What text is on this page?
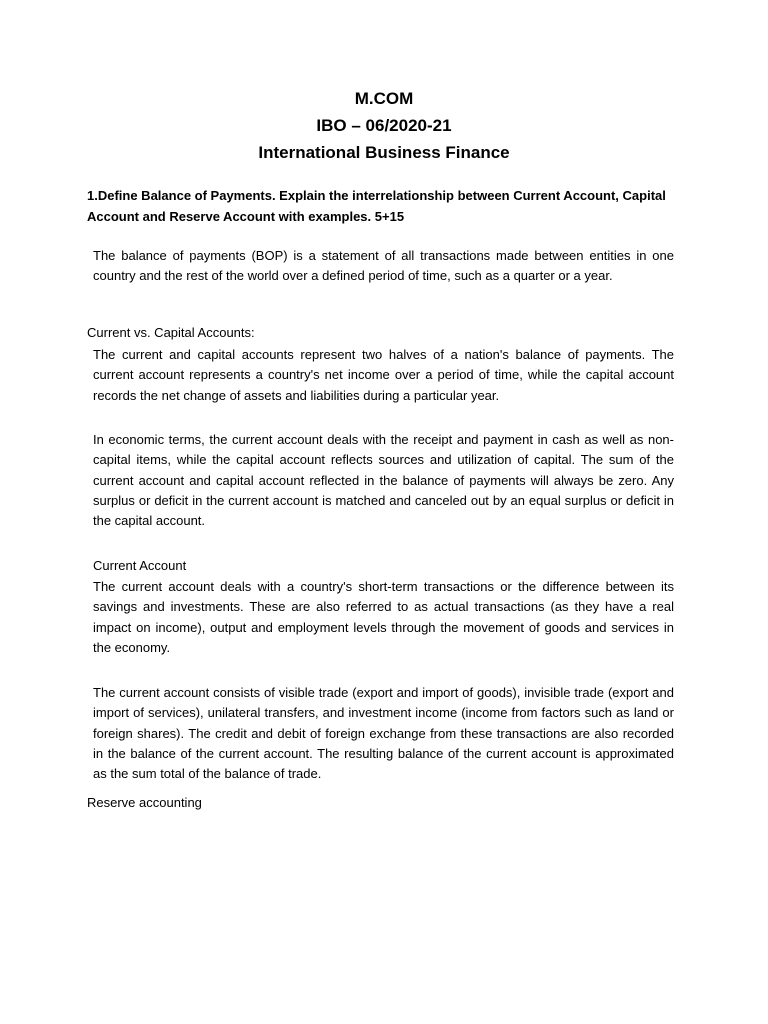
M.COM
IBO – 06/2020-21
International Business Finance
1.Define Balance of Payments. Explain the interrelationship between Current Account, Capital Account and Reserve Account with examples. 5+15
The balance of payments (BOP) is a statement of all transactions made between entities in one country and the rest of the world over a defined period of time, such as a quarter or a year.
Current vs. Capital Accounts:
The current and capital accounts represent two halves of a nation's balance of payments. The current account represents a country's net income over a period of time, while the capital account records the net change of assets and liabilities during a particular year.
In economic terms, the current account deals with the receipt and payment in cash as well as non-capital items, while the capital account reflects sources and utilization of capital. The sum of the current account and capital account reflected in the balance of payments will always be zero. Any surplus or deficit in the current account is matched and canceled out by an equal surplus or deficit in the capital account.
Current Account
The current account deals with a country's short-term transactions or the difference between its savings and investments. These are also referred to as actual transactions (as they have a real impact on income), output and employment levels through the movement of goods and services in the economy.
The current account consists of visible trade (export and import of goods), invisible trade (export and import of services), unilateral transfers, and investment income (income from factors such as land or foreign shares). The credit and debit of foreign exchange from these transactions are also recorded in the balance of the current account. The resulting balance of the current account is approximated as the sum total of the balance of trade.
Reserve accounting
